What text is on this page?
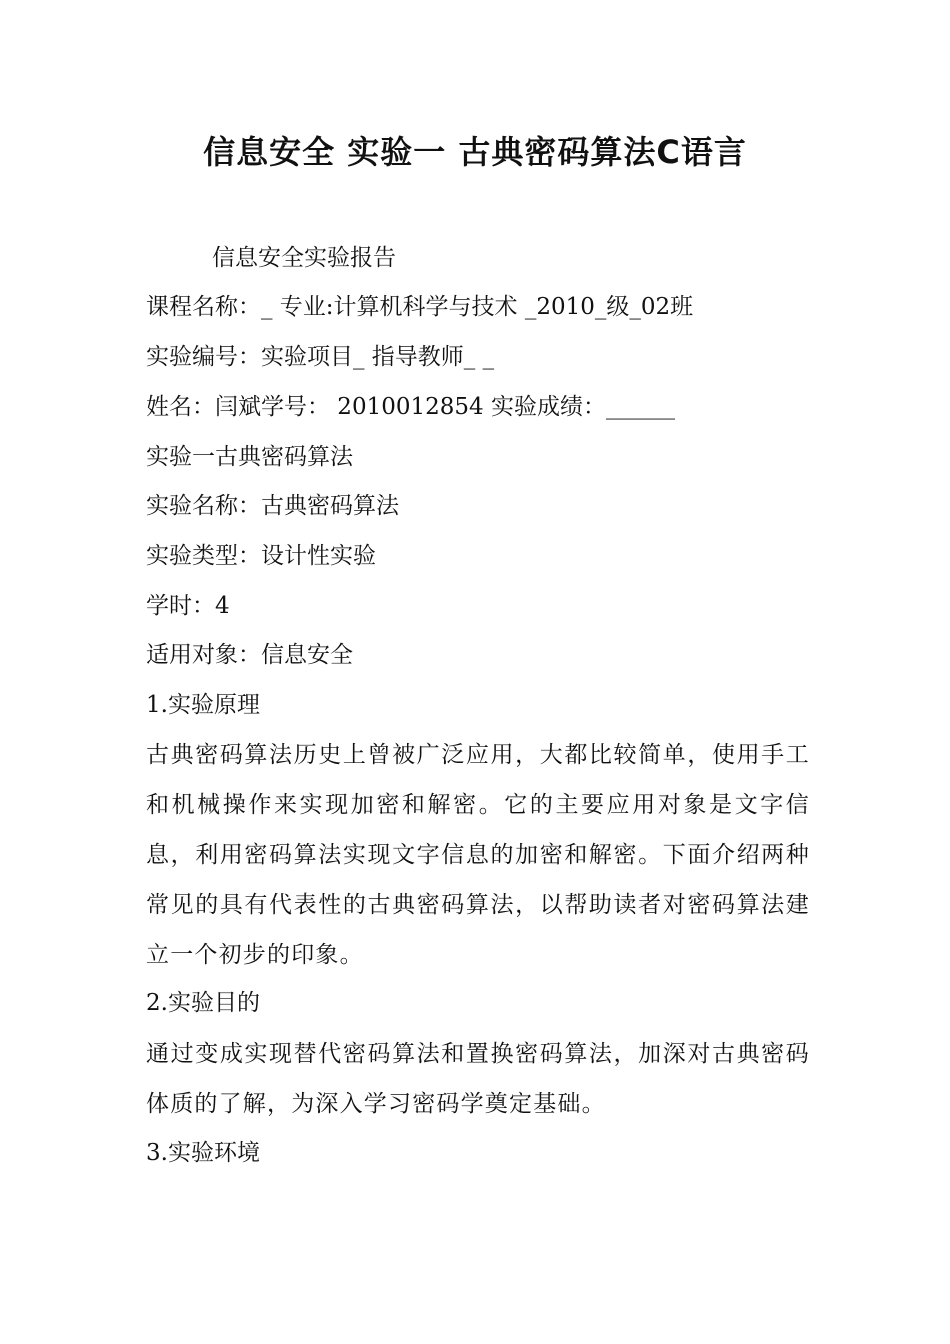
信息安全 实验一 古典密码算法C语言
信息安全实验报告
课程名称：_ 专业:计算机科学与技术 _2010_级_02班
实验编号：实验项目_ 指导教师_ _
姓名：闫斌学号： 2010012854 实验成绩：______
实验一古典密码算法
实验名称：古典密码算法
实验类型：设计性实验
学时：4
适用对象：信息安全
1.实验原理
古典密码算法历史上曾被广泛应用，大都比较简单，使用手工和机械操作来实现加密和解密。它的主要应用对象是文字信息，利用密码算法实现文字信息的加密和解密。下面介绍两种常见的具有代表性的古典密码算法，以帮助读者对密码算法建立一个初步的印象。
2.实验目的
通过变成实现替代密码算法和置换密码算法，加深对古典密码体质的了解，为深入学习密码学奠定基础。
3.实验环境
